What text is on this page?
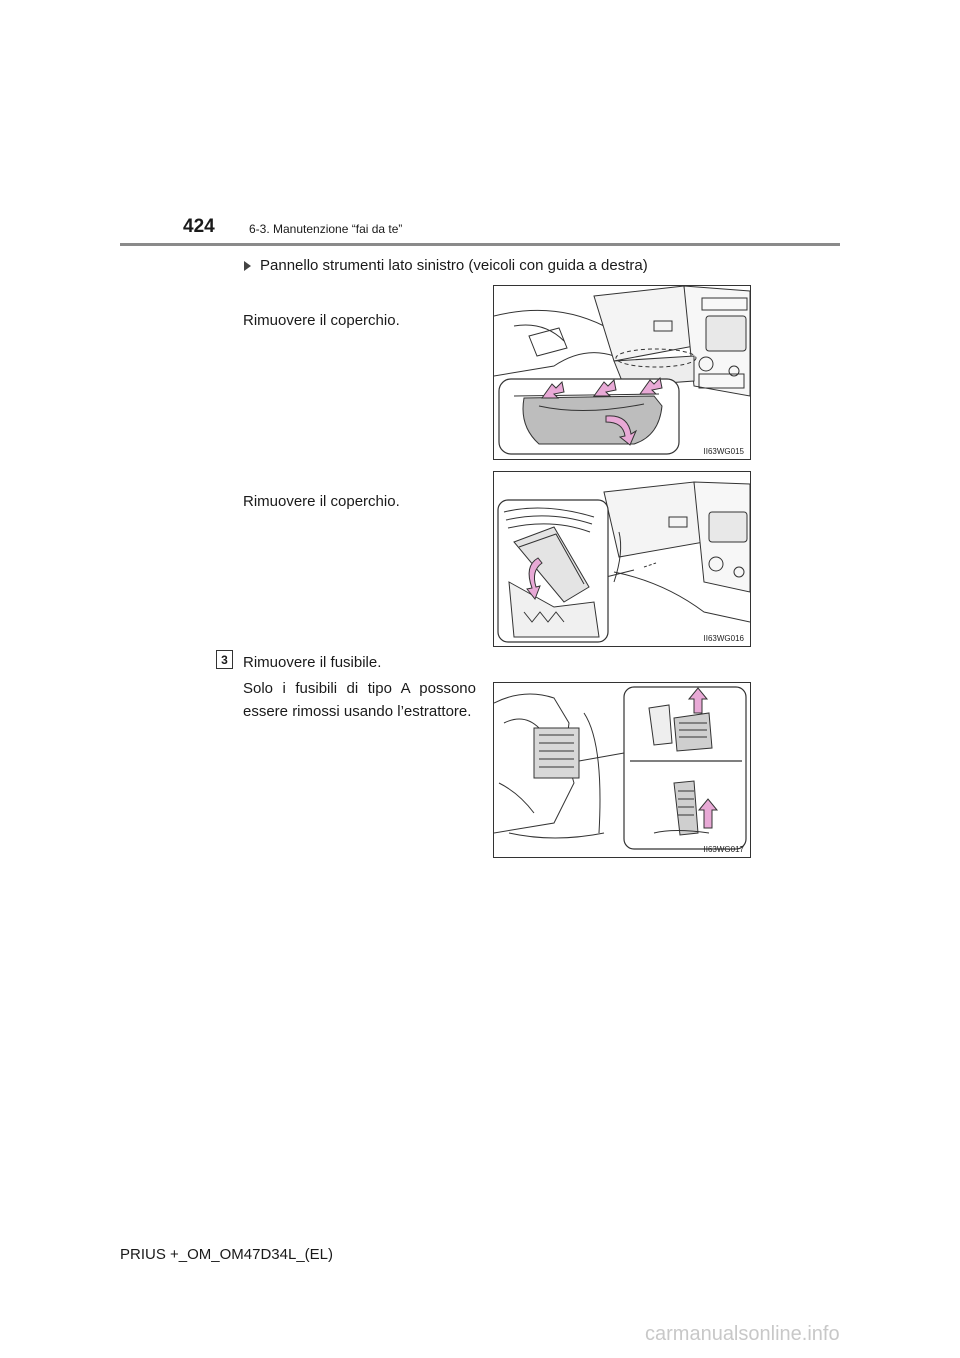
424	6-3. Manutenzione “fai da te”
Pannello strumenti lato sinistro (veicoli con guida a destra)
Rimuovere il coperchio.
Rimuovere il coperchio.
3	Rimuovere il fusibile.
Solo i fusibili di tipo A possono essere rimossi usando l’estrattore.
II63WG015
II63WG016
II63WG017
PRIUS +_OM_OM47D34L_(EL)
carmanualsonline.info
